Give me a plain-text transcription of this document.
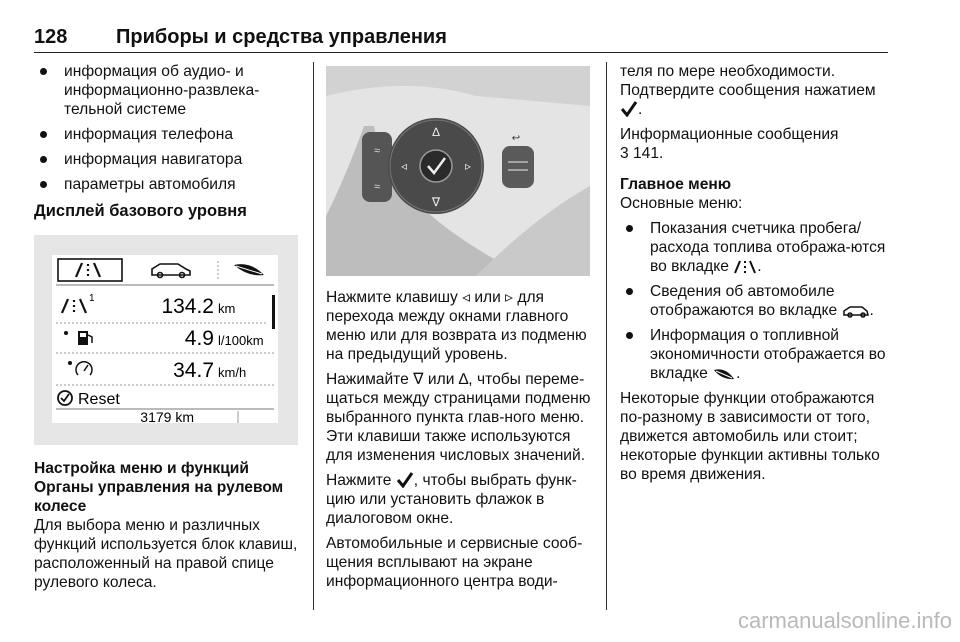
128 Приборы и средства управления
информация об аудио- и информационно-развлека-тельной системе
информация телефона
информация навигатора
параметры автомобиля
Дисплей базового уровня
1	134.2 km
4.9 l/100km
34.7 km/h
Reset
3179 km

Настройка меню и функций

Органы управления на рулевом колесе

Для выбора меню и различных функций используется блок клавиш, расположенный на правой спице рулевого колеса.

≈
≈
∆
∇
◃	▹
↩

Нажмите клавишу ◃ или ▹ для перехода между окнами главного меню или для возврата из подменю на предыдущий уровень.

Нажимайте ∇ или ∆, чтобы переме-щаться между страницами подменю выбранного пункта глав-ного меню. Эти клавиши также используются для изменения числовых значений.

Нажмите , чтобы выбрать функ-цию или установить флажок в диалоговом окне.

Автомобильные и сервисные сооб-щения всплывают на экране информационного центра води-

теля по мере необходимости. Подтвердите сообщения нажатием
.

Информационные сообщения
3 141.

Главное меню

Основные меню:

Показания счетчика пробега/ расхода топлива отобража-ются во вкладке .
Сведения об автомобиле отображаются во вкладке .
Информация о топливной экономичности отображается во вкладке .

Некоторые функции отображаются по-разному в зависимости от того, движется автомобиль или стоит; некоторые функции активны только во время движения.

carmanualsonline.info
